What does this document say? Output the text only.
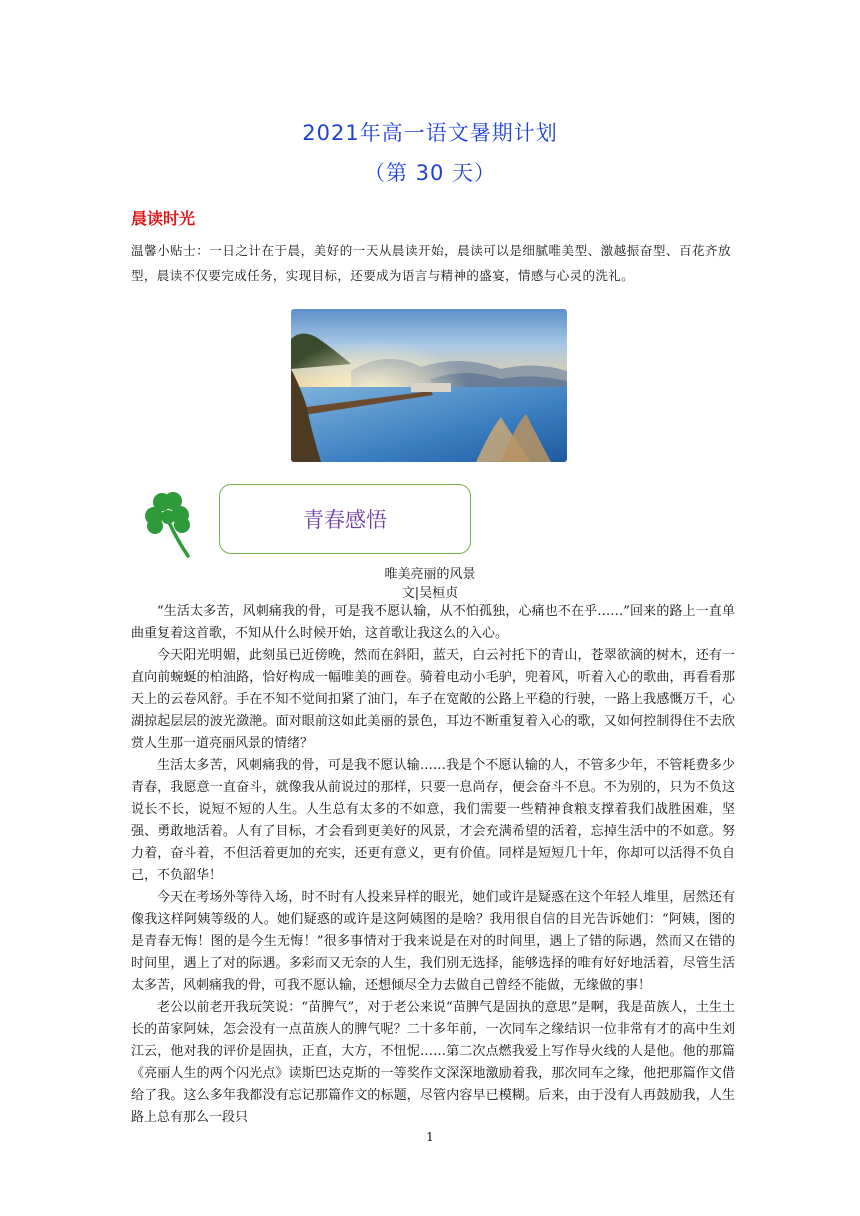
2021年高一语文暑期计划
（第 30 天）
晨读时光
温馨小贴士：一日之计在于晨，美好的一天从晨读开始，晨读可以是细腻唯美型、激越振奋型、百花齐放型，晨读不仅要完成任务，实现目标，还要成为语言与精神的盛宴，情感与心灵的洗礼。
青春感悟
唯美亮丽的风景
文|吴桓贞

“生活太多苦，风刺痛我的骨，可是我不愿认输，从不怕孤独，心痛也不在乎……”回来的路上一直单曲重复着这首歌，不知从什么时候开始，这首歌让我这么的入心。

今天阳光明媚，此刻虽已近傍晚，然而在斜阳，蓝天，白云衬托下的青山，苍翠欲滴的树木，还有一直向前蜿蜒的柏油路，恰好构成一幅唯美的画卷。骑着电动小毛驴，兜着风，听着入心的歌曲，再看看那天上的云卷风舒。手在不知不觉间扣紧了油门，车子在宽敞的公路上平稳的行驶，一路上我感慨万千，心湖掠起层层的波光潋滟。面对眼前这如此美丽的景色，耳边不断重复着入心的歌，又如何控制得住不去欣赏人生那一道亮丽风景的情绪？

生活太多苦，风刺痛我的骨，可是我不愿认输……我是个不愿认输的人，不管多少年，不管耗费多少青春，我愿意一直奋斗，就像我从前说过的那样，只要一息尚存，便会奋斗不息。不为别的，只为不负这说长不长，说短不短的人生。人生总有太多的不如意，我们需要一些精神食粮支撑着我们战胜困难，坚强、勇敢地活着。人有了目标，才会看到更美好的风景，才会充满希望的活着，忘掉生活中的不如意。努力着，奋斗着，不但活着更加的充实，还更有意义，更有价值。同样是短短几十年，你却可以活得不负自己，不负韶华！

今天在考场外等待入场，时不时有人投来异样的眼光，她们或许是疑惑在这个年轻人堆里，居然还有像我这样阿姨等级的人。她们疑惑的或许是这阿姨图的是啥？我用很自信的目光告诉她们：“阿姨，图的是青春无悔！图的是今生无悔！”很多事情对于我来说是在对的时间里，遇上了错的际遇，然而又在错的时间里，遇上了对的际遇。多彩而又无奈的人生，我们别无选择，能够选择的唯有好好地活着，尽管生活太多苦，风刺痛我的骨，可我不愿认输，还想倾尽全力去做自己曾经不能做，无缘做的事！

老公以前老开我玩笑说：“苗脾气”，对于老公来说“苗脾气是固执的意思”是啊，我是苗族人，土生土长的苗家阿妹，怎会没有一点苗族人的脾气呢？二十多年前，一次同车之缘结识一位非常有才的高中生刘江云，他对我的评价是固执，正直，大方，不忸怩……第二次点燃我爱上写作导火线的人是他。他的那篇《亮丽人生的两个闪光点》读斯巴达克斯的一等奖作文深深地激励着我，那次同车之缘，他把那篇作文借给了我。这么多年我都没有忘记那篇作文的标题，尽管内容早已模糊。后来，由于没有人再鼓励我，人生路上总有那么一段只

1
